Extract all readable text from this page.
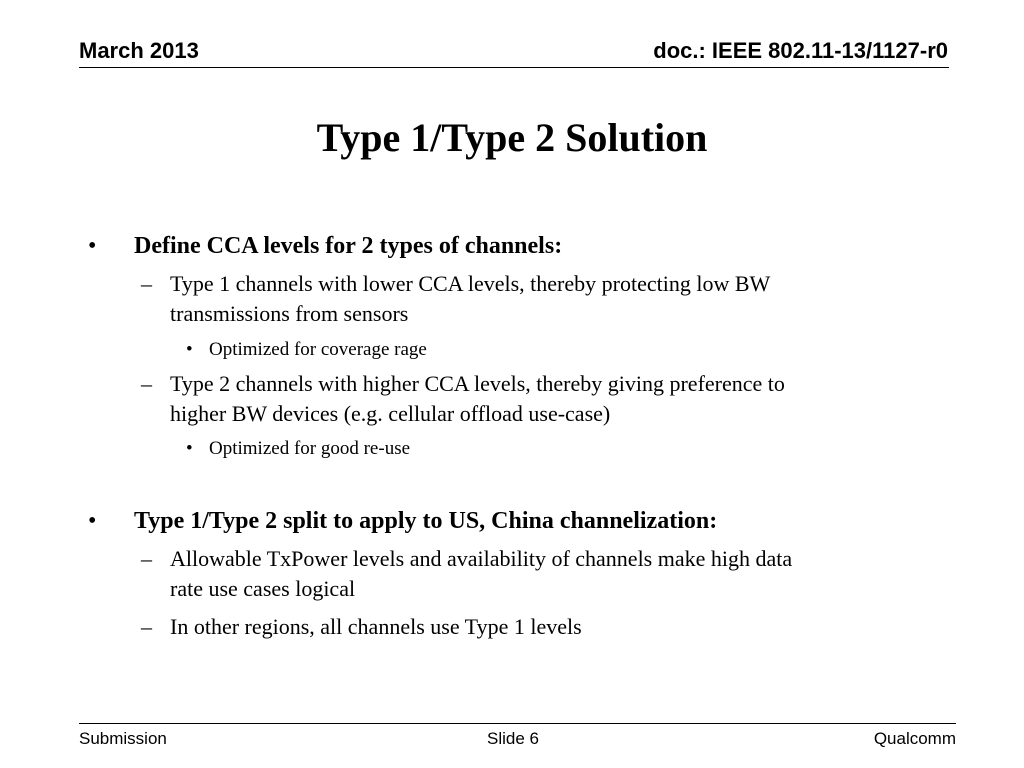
March 2013	doc.: IEEE 802.11-13/1127-r0
Type 1/Type 2 Solution
•	Define CCA levels for 2 types of channels:
– Type 1 channels with lower CCA levels, thereby protecting low BW
transmissions from sensors
• Optimized for coverage rage
– Type 2 channels with higher CCA levels, thereby giving preference to
higher BW devices (e.g. cellular offload use-case)
• Optimized for good re-use
•	Type 1/Type 2 split to apply to US, China channelization:
– Allowable TxPower levels and availability of channels make high data
rate use cases logical
– In other regions, all channels use Type 1 levels
Submission	Slide 6	Qualcomm
